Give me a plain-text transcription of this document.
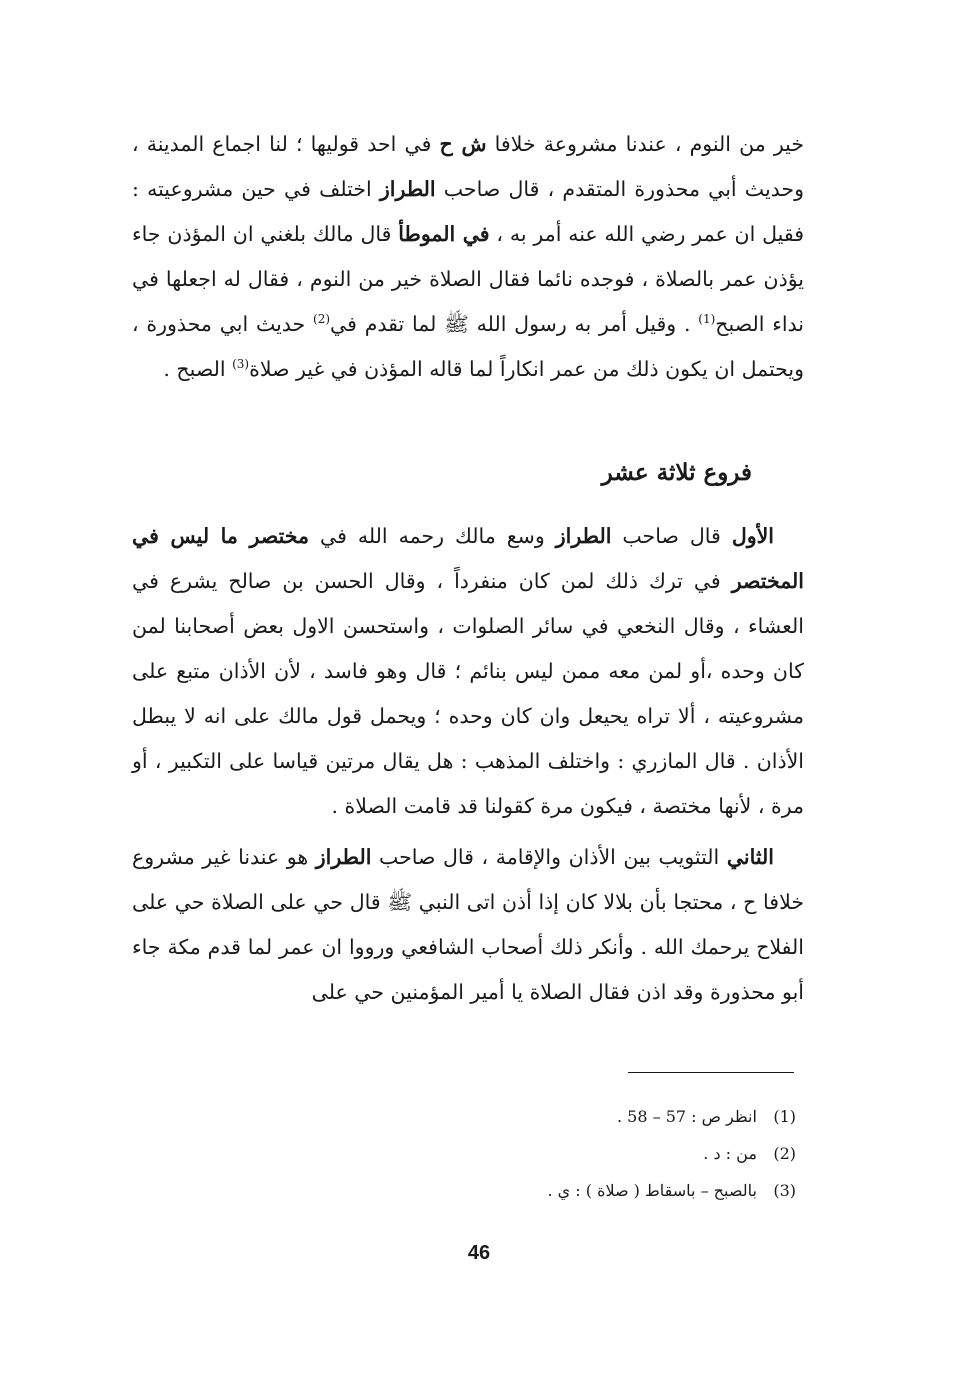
خير من النوم ، عندنا مشروعة خلافا ش ح في احد قوليها ؛ لنا اجماع المدينة ، وحديث أبي محذورة المتقدم ، قال صاحب الطراز اختلف في حين مشروعيته : فقيل ان عمر رضي الله عنه أمر به ، في الموطأ قال مالك بلغني ان المؤذن جاء يؤذن عمر بالصلاة ، فوجده نائما فقال الصلاة خير من النوم ، فقال له اجعلها في نداء الصبح$^{(1)}$ . وقيل أمر به رسول الله ﷺ لما تقدم في$^{(2)}$ حديث ابي محذورة ، ويحتمل ان يكون ذلك من عمر انكاراً لما قاله المؤذن في غير صلاة$^{(3)}$ الصبح .

فروع ثلاثة عشر

الأول قال صاحب الطراز وسع مالك رحمه الله في مختصر ما ليس في المختصر في ترك ذلك لمن كان منفرداً ، وقال الحسن بن صالح يشرع في العشاء ، وقال النخعي في سائر الصلوات ، واستحسن الاول بعض أصحابنا لمن كان وحده ،أو لمن معه ممن ليس بنائم ؛ قال وهو فاسد ، لأن الأذان متبع على مشروعيته ، ألا تراه يحيعل وان كان وحده ؛ ويحمل قول مالك على انه لا يبطل الأذان . قال المازري : واختلف المذهب : هل يقال مرتين قياسا على التكبير ، أو مرة ، لأنها مختصة ، فيكون مرة كقولنا قد قامت الصلاة .

الثاني التثويب بين الأذان والإقامة ، قال صاحب الطراز هو عندنا غير مشروع خلافا ح ، محتجا بأن بلالا كان إذا أذن اتى النبي ﷺ قال حي على الصلاة حي على الفلاح يرحمك الله . وأنكر ذلك أصحاب الشافعي ورووا ان عمر لما قدم مكة جاء أبو محذورة وقد اذن فقال الصلاة يا أمير المؤمنين حي على

(1) انظر ص : 57 – 58 .
(2) من : د .
(3) بالصبح – باسقاط ( صلاة ) : ي .
46
